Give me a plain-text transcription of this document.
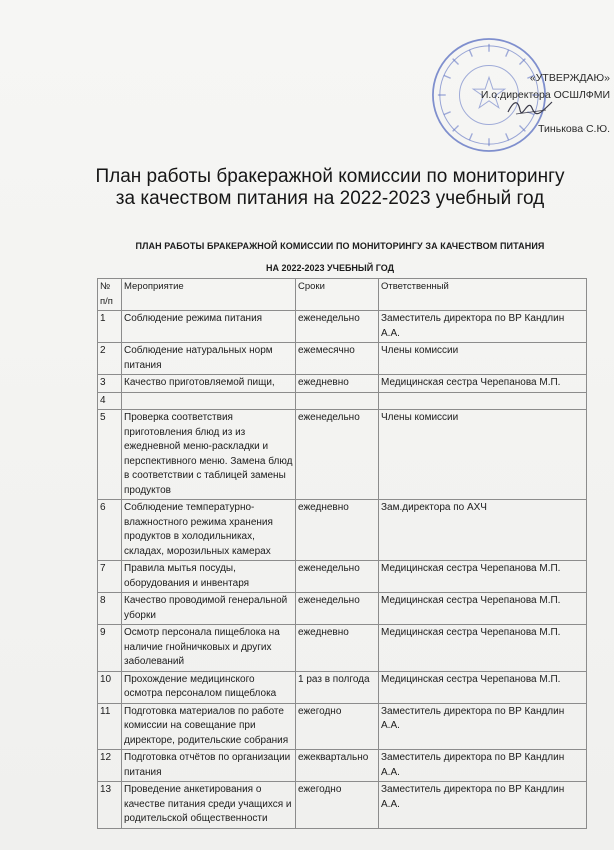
«УТВЕРЖДАЮ»
И.о.директора ОСШЛФМИ
Тинькова С.Ю.
План работы бракеражной комиссии по мониторингу
за качеством питания на 2022-2023 учебный год
ПЛАН РАБОТЫ БРАКЕРАЖНОЙ КОМИССИИ ПО МОНИТОРИНГУ ЗА КАЧЕСТВОМ ПИТАНИЯ
НА 2022-2023 УЧЕБНЫЙ ГОД
№ п/п	Мероприятие	Сроки	Ответственный
1	Соблюдение режима питания	еженедельно	Заместитель директора по ВР Кандлин А.А.
2	Соблюдение натуральных норм питания	ежемесячно	Члены комиссии
3	Качество приготовляемой пищи,	ежедневно	Медицинская сестра Черепанова М.П.
4			
5	Проверка соответствия приготовления блюд из из ежедневной меню-раскладки и перспективного меню. Замена блюд в соответствии с таблицей замены продуктов	еженедельно	Члены комиссии
6	Соблюдение температурно-влажностного режима хранения продуктов в холодильниках, складах, морозильных камерах	ежедневно	Зам.директора по АХЧ
7	Правила мытья посуды, оборудования и инвентаря	еженедельно	Медицинская сестра Черепанова М.П.
8	Качество проводимой генеральной уборки	еженедельно	Медицинская сестра Черепанова М.П.
9	Осмотр персонала пищеблока на наличие гнойничковых и других заболеваний	ежедневно	Медицинская сестра Черепанова М.П.
10	Прохождение медицинского осмотра персоналом пищеблока	1 раз в полгода	Медицинская сестра Черепанова М.П.
11	Подготовка материалов по работе комиссии на совещание при директоре, родительские собрания	ежегодно	Заместитель директора по ВР Кандлин А.А.
12	Подготовка отчётов по организации питания	ежеквартально	Заместитель директора по ВР Кандлин А.А.
13	Проведение анкетирования о качестве питания среди учащихся и родительской общественности	ежегодно	Заместитель директора по ВР Кандлин А.А.
